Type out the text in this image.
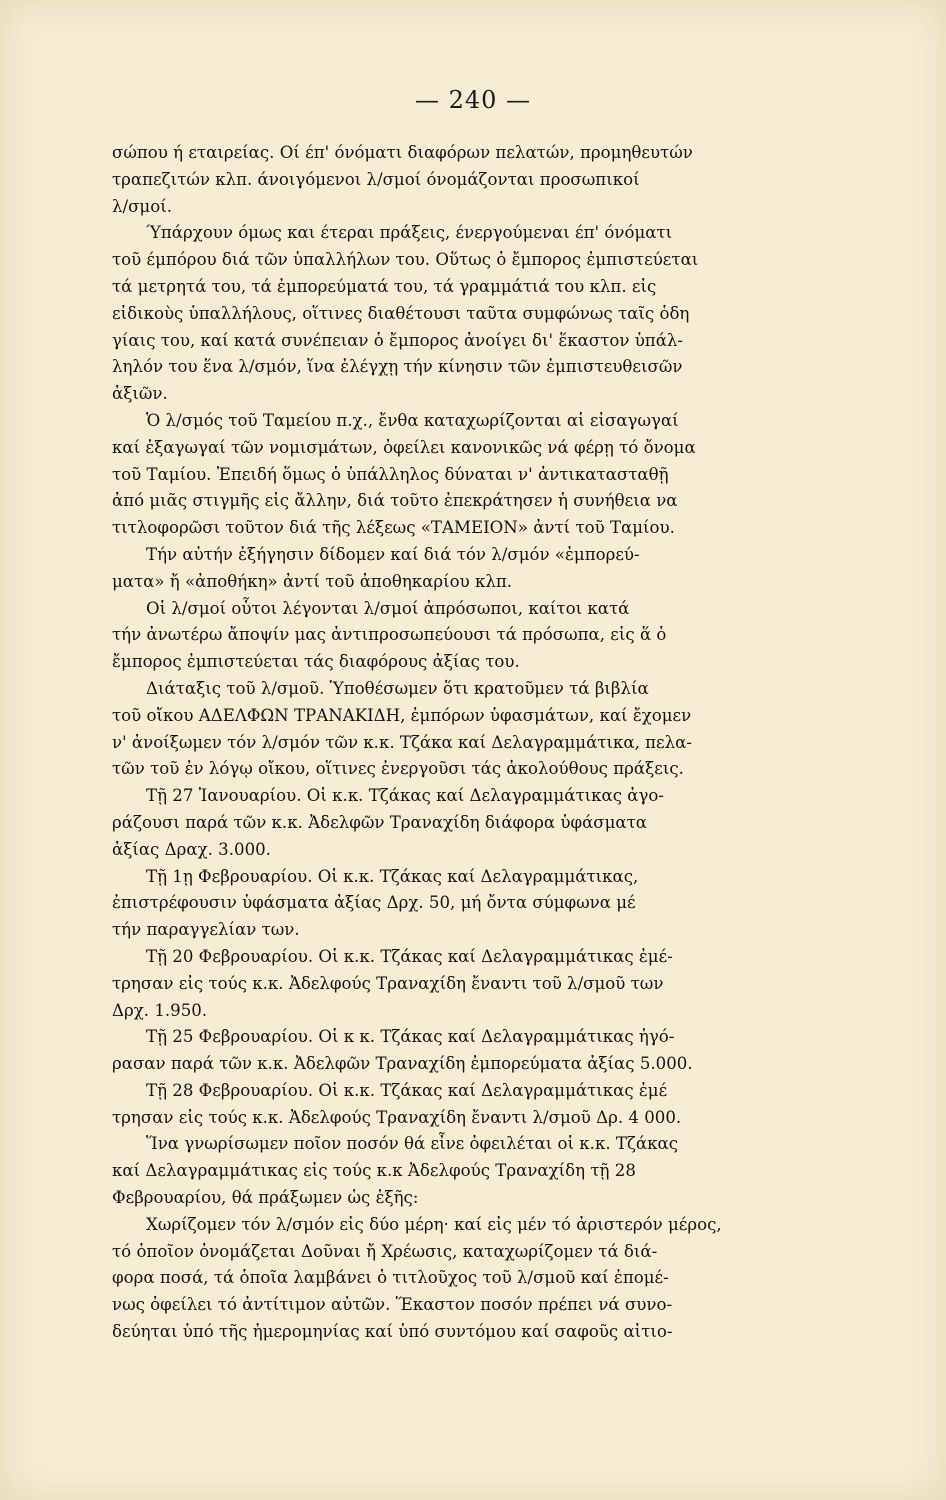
— 240 —
σώπου ή εταιρείας. Οί έπ' όνόματι διαφόρων πελατών, προμηθευτών
τραπεζιτών κλπ. άνοιγόμενοι λ/σμοί όνομάζονται προσωπικοί
λ/σμοί.
Ύπάρχουν όμως και έτεραι πράξεις, ένεργούμεναι έπ' όνόματι
τοῦ έμπόρου διά τῶν ὑπαλλήλων του. Οὕτως ὁ ἔμπορος ἐμπιστεύεται
τά μετρητά του, τά ἐμπορεύματά του, τά γραμμάτιά του κλπ. εἰς
εἰδικοὺς ὑπαλλήλους, οἵτινες διαθέτουσι ταῦτα συμφώνως ταῖς ὁδη
γίαις του, καί κατά συνέπειαν ὁ ἔμπορος ἀνοίγει δι' ἕκαστον ὑπάλ-
ληλόν του ἕνα λ/σμόν, ἵνα ἐλέγχῃ τήν κίνησιν τῶν ἐμπιστευθεισῶν
ἀξιῶν.
Ὁ λ/σμός τοῦ Ταμείου π.χ., ἔνθα καταχωρίζονται αἱ εἰσαγωγαί
καί ἐξαγωγαί τῶν νομισμάτων, ὀφείλει κανονικῶς νά φέρῃ τό ὄνομα
τοῦ Ταμίου. Ἐπειδή ὅμως ὁ ὑπάλληλος δύναται ν' ἀντικατασταθῇ
ἀπό μιᾶς στιγμῆς εἰς ἄλλην, διά τοῦτο ἐπεκράτησεν ἡ συνήθεια να
τιτλοφορῶσι τοῦτον διά τῆς λέξεως «ΤΑΜΕΙΟΝ» ἀντί τοῦ Ταμίου.
Τήν αὐτήν ἐξήγησιν δίδομεν καί διά τόν λ/σμόν «ἐμπορεύ-
ματα» ἤ «ἀποθήκη» ἀντί τοῦ ἀποθηκαρίου κλπ.
Οἱ λ/σμοί οὗτοι λέγονται λ/σμοί ἀπρόσωποι, καίτοι κατά
τήν ἀνωτέρω ἄποψίν μας ἀντιπροσωπεύουσι τά πρόσωπα, εἰς ἅ ὁ
ἔμπορος ἐμπιστεύεται τάς διαφόρους ἀξίας του.
Διάταξις τοῦ λ/σμοῦ. Ὑποθέσωμεν ὅτι κρατοῦμεν τά βιβλία
τοῦ οἴκου ΑΔΕΛΦΩΝ ΤΡΑΝΑΚΙΔΗ, ἐμπόρων ὑφασμάτων, καί ἔχομεν
ν' ἀνοίξωμεν τόν λ/σμόν τῶν κ.κ. Τζάκα καί Δελαγραμμάτικα, πελα-
τῶν τοῦ ἐν λόγῳ οἴκου, οἵτινες ἐνεργοῦσι τάς ἀκολούθους πράξεις.
Τῇ 27 Ἰανουαρίου. Οἱ κ.κ. Τζάκας καί Δελαγραμμάτικας ἀγο-
ράζουσι παρά τῶν κ.κ. Ἀδελφῶν Τραναχίδη διάφορα ὑφάσματα
ἀξίας Δραχ. 3.000.
Τῇ 1ῃ Φεβρουαρίου. Οἱ κ.κ. Τζάκας καί Δελαγραμμάτικας,
ἐπιστρέφουσιν ὑφάσματα ἀξίας Δρχ. 50, μή ὄντα σύμφωνα μέ
τήν παραγγελίαν των.
Τῇ 20 Φεβρουαρίου. Οἱ κ.κ. Τζάκας καί Δελαγραμμάτικας ἐμέ-
τρησαν εἰς τούς κ.κ. Ἀδελφούς Τραναχίδη ἔναντι τοῦ λ/σμοῦ των
Δρχ. 1.950.
Τῇ 25 Φεβρουαρίου. Οἱ κ κ. Τζάκας καί Δελαγραμμάτικας ἠγό-
ρασαν παρά τῶν κ.κ. Ἀδελφῶν Τραναχίδη ἐμπορεύματα ἀξίας 5.000.
Τῇ 28 Φεβρουαρίου. Οἱ κ.κ. Τζάκας καί Δελαγραμμάτικας ἐμέ
τρησαν εἰς τούς κ.κ. Ἀδελφούς Τραναχίδη ἔναντι λ/σμοῦ Δρ. 4 000.
Ἵνα γνωρίσωμεν ποῖον ποσόν θά εἶνε ὀφειλέται οἱ κ.κ. Τζάκας
καί Δελαγραμμάτικας εἰς τούς κ.κ Ἀδελφούς Τραναχίδη τῇ 28
Φεβρουαρίου, θά πράξωμεν ὡς ἑξῆς:
Χωρίζομεν τόν λ/σμόν εἰς δύο μέρη· καί εἰς μέν τό ἀριστερόν μέρος,
τό ὁποῖον ὀνομάζεται Δοῦναι ἤ Χρέωσις, καταχωρίζομεν τά διά-
φορα ποσά, τά ὁποῖα λαμβάνει ὁ τιτλοῦχος τοῦ λ/σμοῦ καί ἐπομέ-
νως ὀφείλει τό ἀντίτιμον αὐτῶν. Ἕκαστον ποσόν πρέπει νά συνο-
δεύηται ὑπό τῆς ἡμερομηνίας καί ὑπό συντόμου καί σαφοῦς αἰτιο-
